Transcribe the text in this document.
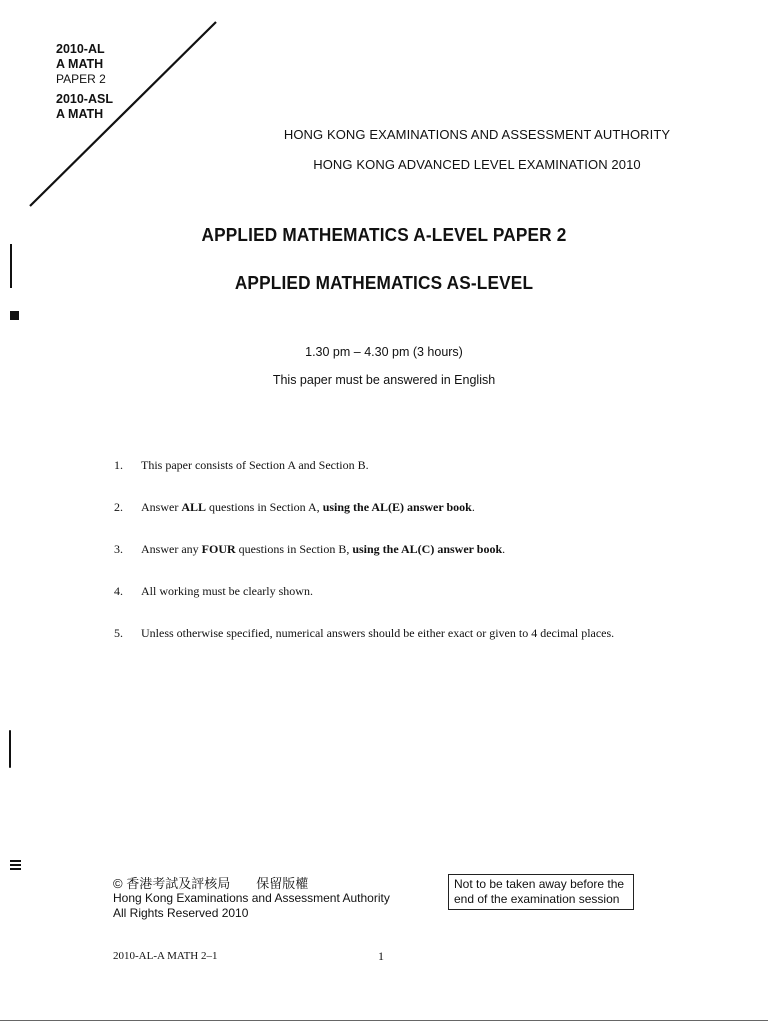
2010-AL
A MATH
PAPER 2
2010-ASL
A MATH
HONG KONG EXAMINATIONS AND ASSESSMENT AUTHORITY
HONG KONG ADVANCED LEVEL EXAMINATION 2010
APPLIED MATHEMATICS A-LEVEL PAPER 2
APPLIED MATHEMATICS AS-LEVEL
1.30 pm – 4.30 pm (3 hours)
This paper must be answered in English
1. This paper consists of Section A and Section B.
2. Answer ALL questions in Section A, using the AL(E) answer book.
3. Answer any FOUR questions in Section B, using the AL(C) answer book.
4. All working must be clearly shown.
5. Unless otherwise specified, numerical answers should be either exact or given to 4 decimal places.
© 香港考試及評核局　　保留版權
Hong Kong Examinations and Assessment Authority
All Rights Reserved 2010
Not to be taken away before the end of the examination session
2010-AL-A MATH 2–1	1
